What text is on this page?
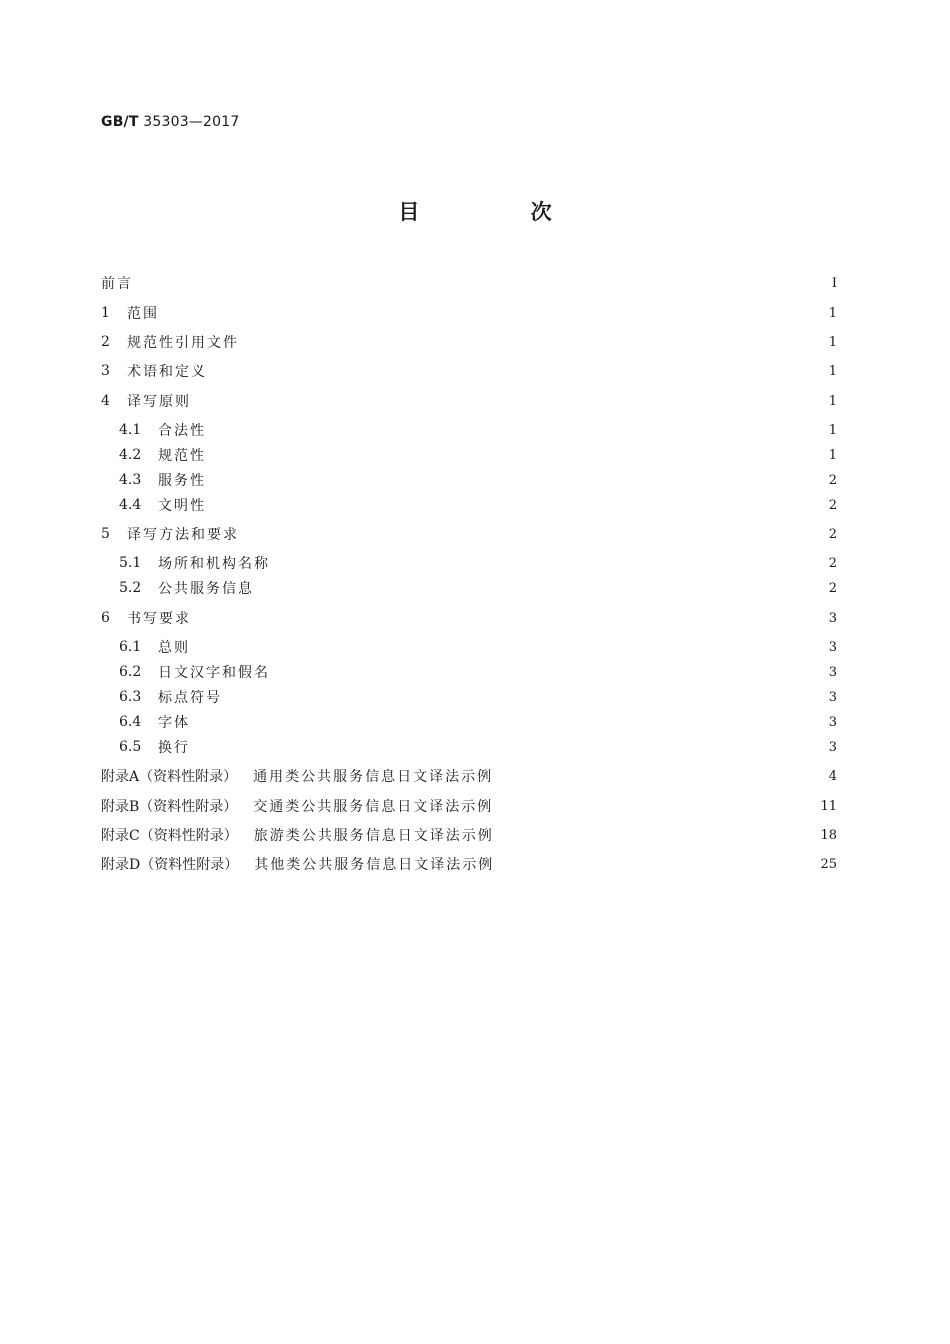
GB/T 35303—2017
目 次
前言	Ⅰ
1	范围	1
2	规范性引用文件	1
3	术语和定义	1
4	译写原则	1
4.1	合法性	1
4.2	规范性	1
4.3	服务性	2
4.4	文明性	2
5	译写方法和要求	2
5.1	场所和机构名称	2
5.2	公共服务信息	2
6	书写要求	3
6.1	总则	3
6.2	日文汉字和假名	3
6.3	标点符号	3
6.4	字体	3
6.5	换行	3
附录A（资料性附录） 通用类公共服务信息日文译法示例	4
附录B（资料性附录） 交通类公共服务信息日文译法示例	11
附录C（资料性附录） 旅游类公共服务信息日文译法示例	18
附录D（资料性附录） 其他类公共服务信息日文译法示例	25
